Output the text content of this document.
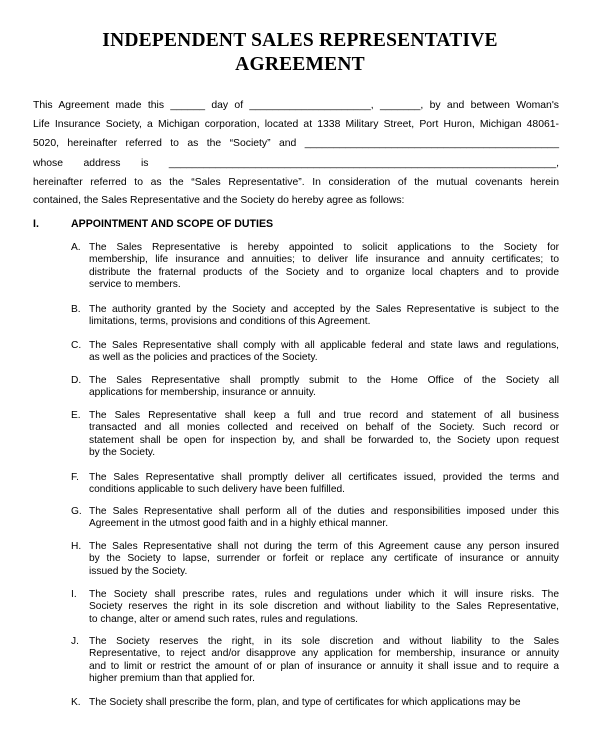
INDEPENDENT SALES REPRESENTATIVE
AGREEMENT
This Agreement made this ______ day of _____________________, _______, by and between Woman's
Life Insurance Society, a Michigan corporation, located at 1338 Military Street, Port Huron, Michigan 48061-
5020, hereinafter referred to as the “Society” and ____________________________________________
whose address is ___________________________________________________________________,
hereinafter referred to as the “Sales Representative”. In consideration of the mutual covenants herein
contained, the Sales Representative and the Society do hereby agree as follows:
I.	APPOINTMENT AND SCOPE OF DUTIES
A. The Sales Representative is hereby appointed to solicit applications to the Society for
membership, life insurance and annuities; to deliver life insurance and annuity certificates; to
distribute the fraternal products of the Society and to organize local chapters and to provide
service to members.
B. The authority granted by the Society and accepted by the Sales Representative is subject to the
limitations, terms, provisions and conditions of this Agreement.
C. The Sales Representative shall comply with all applicable federal and state laws and regulations,
as well as the policies and practices of the Society.
D. The Sales Representative shall promptly submit to the Home Office of the Society all
applications for membership, insurance or annuity.
E. The Sales Representative shall keep a full and true record and statement of all business
transacted and all monies collected and received on behalf of the Society. Such record or
statement shall be open for inspection by, and shall be forwarded to, the Society upon request
by the Society.
F. The Sales Representative shall promptly deliver all certificates issued, provided the terms and
conditions applicable to such delivery have been fulfilled.
G. The Sales Representative shall perform all of the duties and responsibilities imposed under this
Agreement in the utmost good faith and in a highly ethical manner.
H. The Sales Representative shall not during the term of this Agreement cause any person insured
by the Society to lapse, surrender or forfeit or replace any certificate of insurance or annuity
issued by the Society.
I. The Society shall prescribe rates, rules and regulations under which it will insure risks. The
Society reserves the right in its sole discretion and without liability to the Sales Representative,
to change, alter or amend such rates, rules and regulations.
J. The Society reserves the right, in its sole discretion and without liability to the Sales
Representative, to reject and/or disapprove any application for membership, insurance or annuity
and to limit or restrict the amount of or plan of insurance or annuity it shall issue and to require a
higher premium than that applied for.
K. The Society shall prescribe the form, plan, and type of certificates for which applications may be
